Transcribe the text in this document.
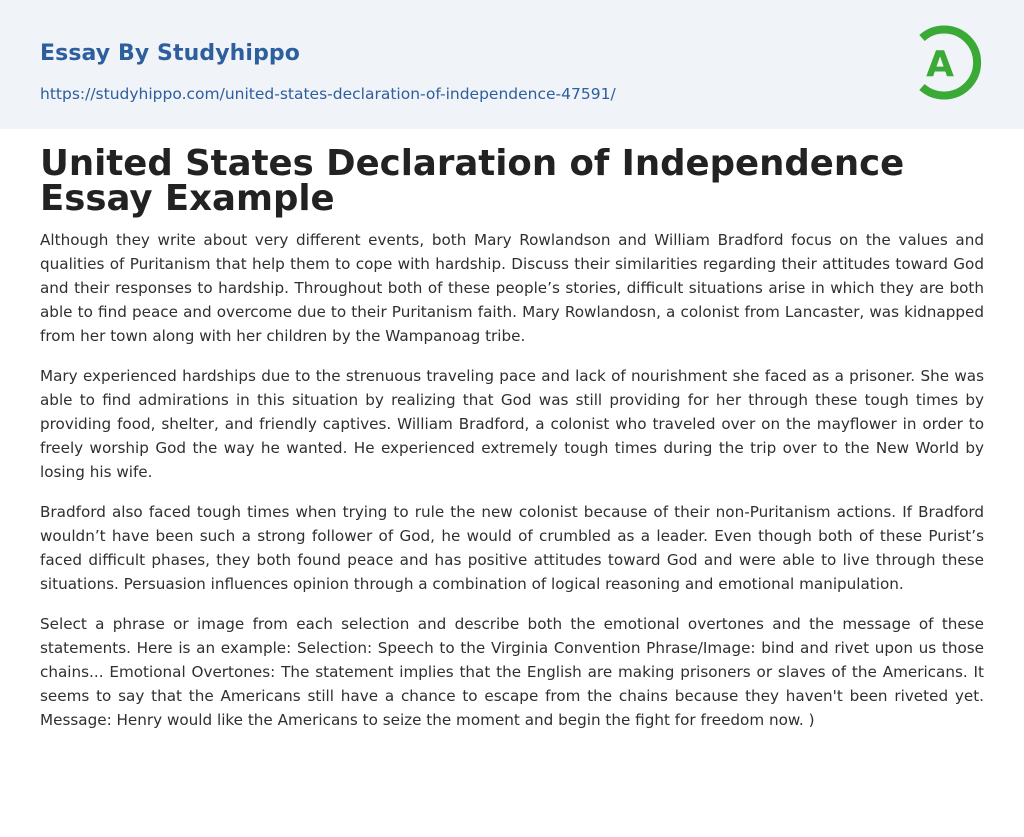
Essay By Studyhippo
https://studyhippo.com/united-states-declaration-of-independence-47591/
A
United States Declaration of Independence Essay Example

Although they write about very different events, both Mary Rowlandson and William Bradford focus on the values and qualities of Puritanism that help them to cope with hardship. Discuss their similarities regarding their attitudes toward God and their responses to hardship. Throughout both of these people’s stories, difficult situations arise in which they are both able to find peace and overcome due to their Puritanism faith. Mary Rowlandosn, a colonist from Lancaster, was kidnapped from her town along with her children by the Wampanoag tribe.

Mary experienced hardships due to the strenuous traveling pace and lack of nourishment she faced as a prisoner. She was able to find admirations in this situation by realizing that God was still providing for her through these tough times by providing food, shelter, and friendly captives. William Bradford, a colonist who traveled over on the mayflower in order to freely worship God the way he wanted. He experienced extremely tough times during the trip over to the New World by losing his wife.

Bradford also faced tough times when trying to rule the new colonist because of their non-Puritanism actions. If Bradford wouldn’t have been such a strong follower of God, he would of crumbled as a leader. Even though both of these Purist’s faced difficult phases, they both found peace and has positive attitudes toward God and were able to live through these situations. Persuasion influences opinion through a combination of logical reasoning and emotional manipulation.

Select a phrase or image from each selection and describe both the emotional overtones and the message of these statements. Here is an example: Selection: Speech to the Virginia Convention Phrase/Image: bind and rivet upon us those chains... Emotional Overtones: The statement implies that the English are making prisoners or slaves of the Americans. It seems to say that the Americans still have a chance to escape from the chains because they haven't been riveted yet. Message: Henry would like the Americans to seize the moment and begin the fight for freedom now. )
